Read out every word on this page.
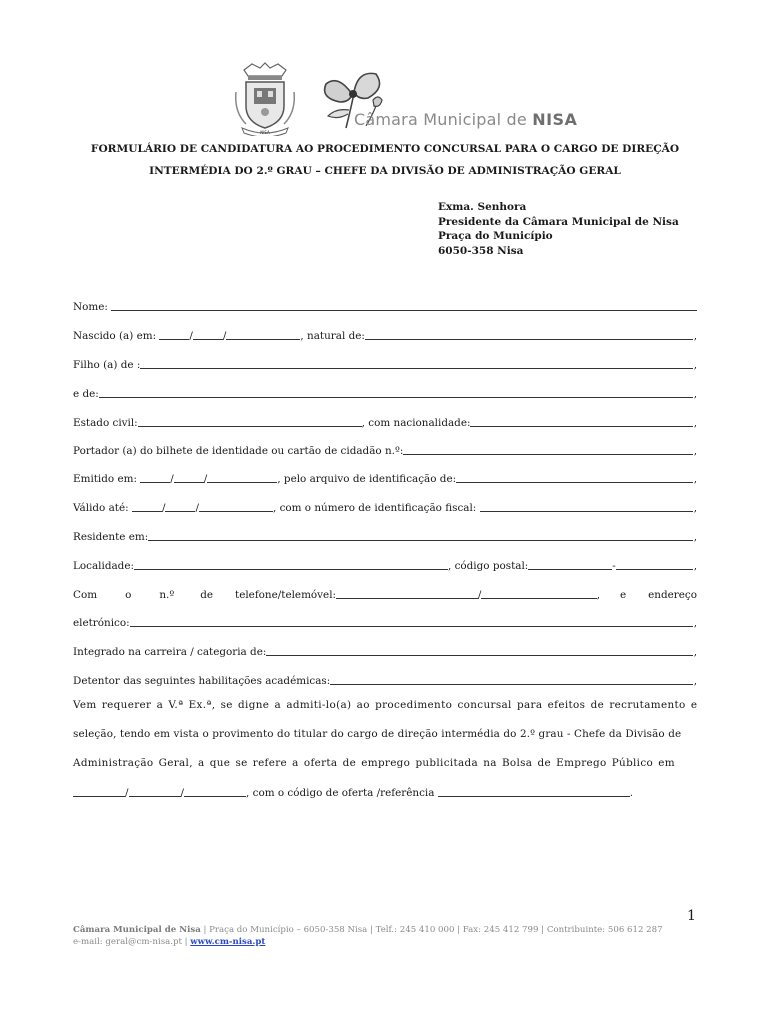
NISA
Câmara Municipal de NISA
FORMULÁRIO DE CANDIDATURA AO PROCEDIMENTO CONCURSAL PARA O CARGO DE DIREÇÃO
INTERMÉDIA DO 2.º GRAU – CHEFE DA DIVISÃO DE ADMINISTRAÇÃO GERAL
Exma. Senhora
Presidente da Câmara Municipal de Nisa
Praça do Município
6050-358 Nisa
Nome:
Nascido (a) em:	/	/	, natural de:	,
Filho (a) de :	,
e de:	,
Estado civil:	, com nacionalidade:	,
Portador (a) do bilhete de identidade ou cartão de cidadão n.º:	,
Emitido em:	/	/	, pelo arquivo de identificação de:	,
Válido até:	/	/	, com o número de identificação fiscal:	,
Residente em:	,
Localidade:	, código postal:	-	,
Com	o	n.º	de telefone/telemóvel:	/	, e endereço
eletrónico:	,
Integrado na carreira / categoria de:	,
Detentor das seguintes habilitações académicas:	,
Vem requerer a V.ª Ex.ª, se digne a admiti-lo(a) ao procedimento concursal para efeitos de recrutamento e
seleção, tendo em vista o provimento do titular do cargo de direção intermédia do 2.º grau - Chefe da Divisão de
Administração Geral, a que se refere a oferta de emprego publicitada na Bolsa de Emprego Público em
/	/	, com o código de oferta /referência	.
1
Câmara Municipal de Nisa | Praça do Município – 6050-358 Nisa | Telf.: 245 410 000 | Fax: 245 412 799 | Contribuinte: 506 612 287
e-mail: geral@cm-nisa.pt | www.cm-nisa.pt
